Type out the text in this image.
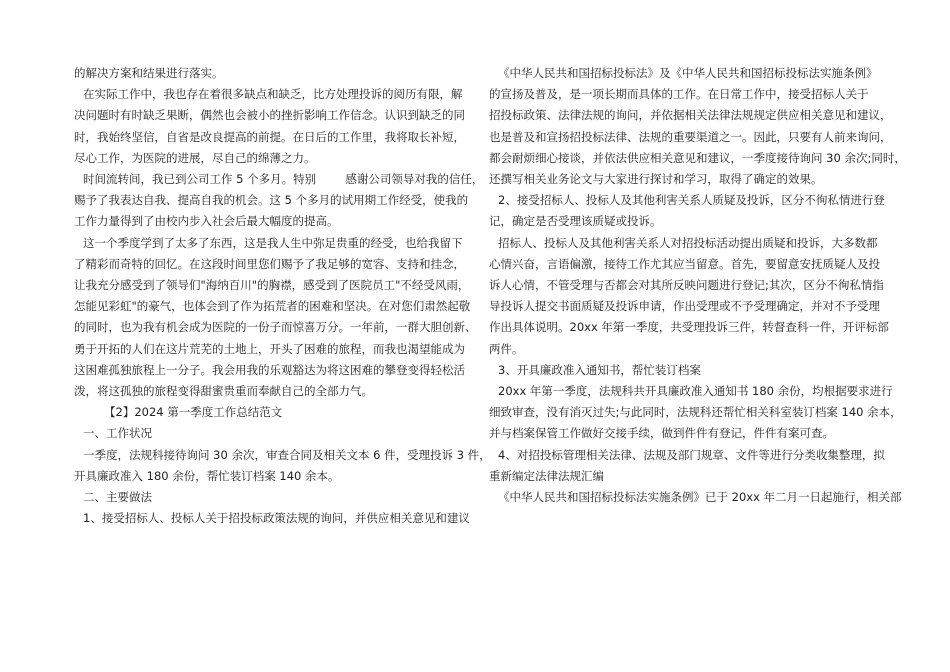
的解决方案和结果进行落实。

在实际工作中，我也存在着很多缺点和缺乏，比方处理投诉的阅历有限，解

决问题时有时缺乏果断，偶然也会被小的挫折影响工作信念。认识到缺乏的同

时，我始终坚信，自省是改良提高的前提。在日后的工作里，我将取长补短，

尽心工作，为医院的进展，尽自己的绵薄之力。

时间流转间，我已到公司工作 5 个多月。特别        感谢公司领导对我的信任，

赐予了我表达自我、提高自我的机会。这 5 个多月的试用期工作经受，使我的

工作力量得到了由校内步入社会后最大幅度的提高。

这一个季度学到了太多了东西，这是我人生中弥足贵重的经受，也给我留下

了精彩而奇特的回忆。在这段时间里您们赐予了我足够的宽容、支持和挂念，

让我充分感受到了领导们"海纳百川"的胸襟，感受到了医院员工"不经受风雨，

怎能见彩虹"的豪气，也体会到了作为拓荒者的困难和坚决。在对您们肃然起敬

的同时，也为我有机会成为医院的一份子而惊喜万分。一年前，一群大胆创新、

勇于开拓的人们在这片荒芜的土地上，开头了困难的旅程，而我也渴望能成为

这困难孤独旅程上一分子。我会用我的乐观豁达为将这困难的攀登变得轻松活

泼，将这孤独的旅程变得甜蜜贵重而奉献自己的全部力气。

【2】2024 第一季度工作总结范文

一、工作状况

一季度，法规科接待询问 30 余次，审查合同及相关文本 6 件，受理投诉 3 件，

开具廉政准入 180 余份，帮忙装订档案 140 余本。

二、主要做法

1、接受招标人、投标人关于招投标政策法规的询问，并供应相关意见和建议

《中华人民共和国招标投标法》及《中华人民共和国招标投标法实施条例》

的宣扬及普及，是一项长期而具体的工作。在日常工作中，接受招标人关于

招投标政策、法律法规的询问，并依据相关法律法规规定供应相关意见和建议，

也是普及和宣扬招投标法律、法规的重要渠道之一。因此，只要有人前来询问，

都会耐烦细心接谈，并依法供应相关意见和建议，一季度接待询问 30 余次;同时，

还撰写相关业务论文与大家进行探讨和学习，取得了确定的效果。

2、接受招标人、投标人及其他利害关系人质疑及投诉，区分不徇私情进行登

记，确定是否受理该质疑或投诉。

招标人、投标人及其他利害关系人对招投标活动提出质疑和投诉，大多数都

心情兴奋，言语偏激，接待工作尤其应当留意。首先，要留意安抚质疑人及投

诉人心情，不管受理与否都会对其所反映问题进行登记;其次，区分不徇私情指

导投诉人提交书面质疑及投诉申请，作出受理或不予受理确定，并对不予受理

作出具体说明。20xx 年第一季度，共受理投诉三件，转督查科一件，开评标部

两件。

3、开具廉政准入通知书，帮忙装订档案

20xx 年第一季度，法规科共开具廉政准入通知书 180 余份，均根据要求进行

细致审查，没有消灭过失;与此同时，法规科还帮忙相关科室装订档案 140 余本，

并与档案保管工作做好交接手续，做到件件有登记，件件有案可查。

4、对招投标管理相关法律、法规及部门规章、文件等进行分类收集整理，拟

重新编定法律法规汇编

《中华人民共和国招标投标法实施条例》已于 20xx 年二月一日起施行，相关部
